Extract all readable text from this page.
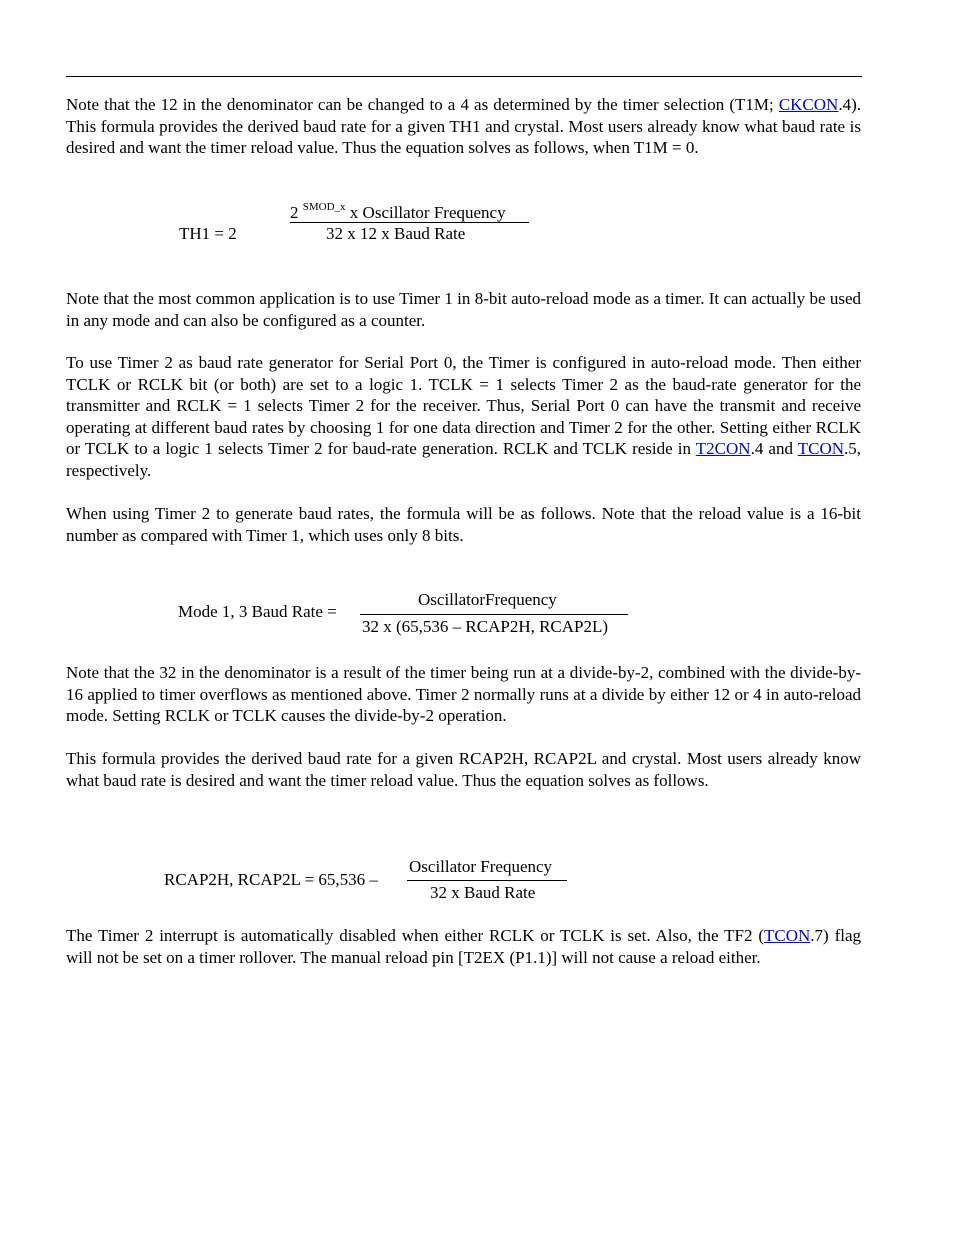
Note that the 12 in the denominator can be changed to a 4 as determined by the timer selection (T1M; CKCON.4). This formula provides the derived baud rate for a given TH1 and crystal. Most users already know what baud rate is desired and want the timer reload value. Thus the equation solves as follows, when T1M = 0.

2 $^{SMOD\_x}$ x Oscillator Frequency
TH1 = 2	32 x 12 x Baud Rate

Note that the most common application is to use Timer 1 in 8-bit auto-reload mode as a timer. It can actually be used in any mode and can also be configured as a counter.

To use Timer 2 as baud rate generator for Serial Port 0, the Timer is configured in auto-reload mode. Then either TCLK or RCLK bit (or both) are set to a logic 1. TCLK = 1 selects Timer 2 as the baud-rate generator for the transmitter and RCLK = 1 selects Timer 2 for the receiver. Thus, Serial Port 0 can have the transmit and receive operating at different baud rates by choosing 1 for one data direction and Timer 2 for the other. Setting either RCLK or TCLK to a logic 1 selects Timer 2 for baud-rate generation. RCLK and TCLK reside in T2CON.4 and TCON.5, respectively.

When using Timer 2 to generate baud rates, the formula will be as follows. Note that the reload value is a 16-bit number as compared with Timer 1, which uses only 8 bits.

OscillatorFrequency
Mode 1, 3 Baud Rate =
32 x (65,536 – RCAP2H, RCAP2L)

Note that the 32 in the denominator is a result of the timer being run at a divide-by-2, combined with the divide-by-16 applied to timer overflows as mentioned above. Timer 2 normally runs at a divide by either 12 or 4 in auto-reload mode. Setting RCLK or TCLK causes the divide-by-2 operation.

This formula provides the derived baud rate for a given RCAP2H, RCAP2L and crystal. Most users already know what baud rate is desired and want the timer reload value. Thus the equation solves as follows.

Oscillator Frequency
RCAP2H, RCAP2L = 65,536 –
32 x Baud Rate

The Timer 2 interrupt is automatically disabled when either RCLK or TCLK is set. Also, the TF2 (TCON.7) flag will not be set on a timer rollover. The manual reload pin [T2EX (P1.1)] will not cause a reload either.
